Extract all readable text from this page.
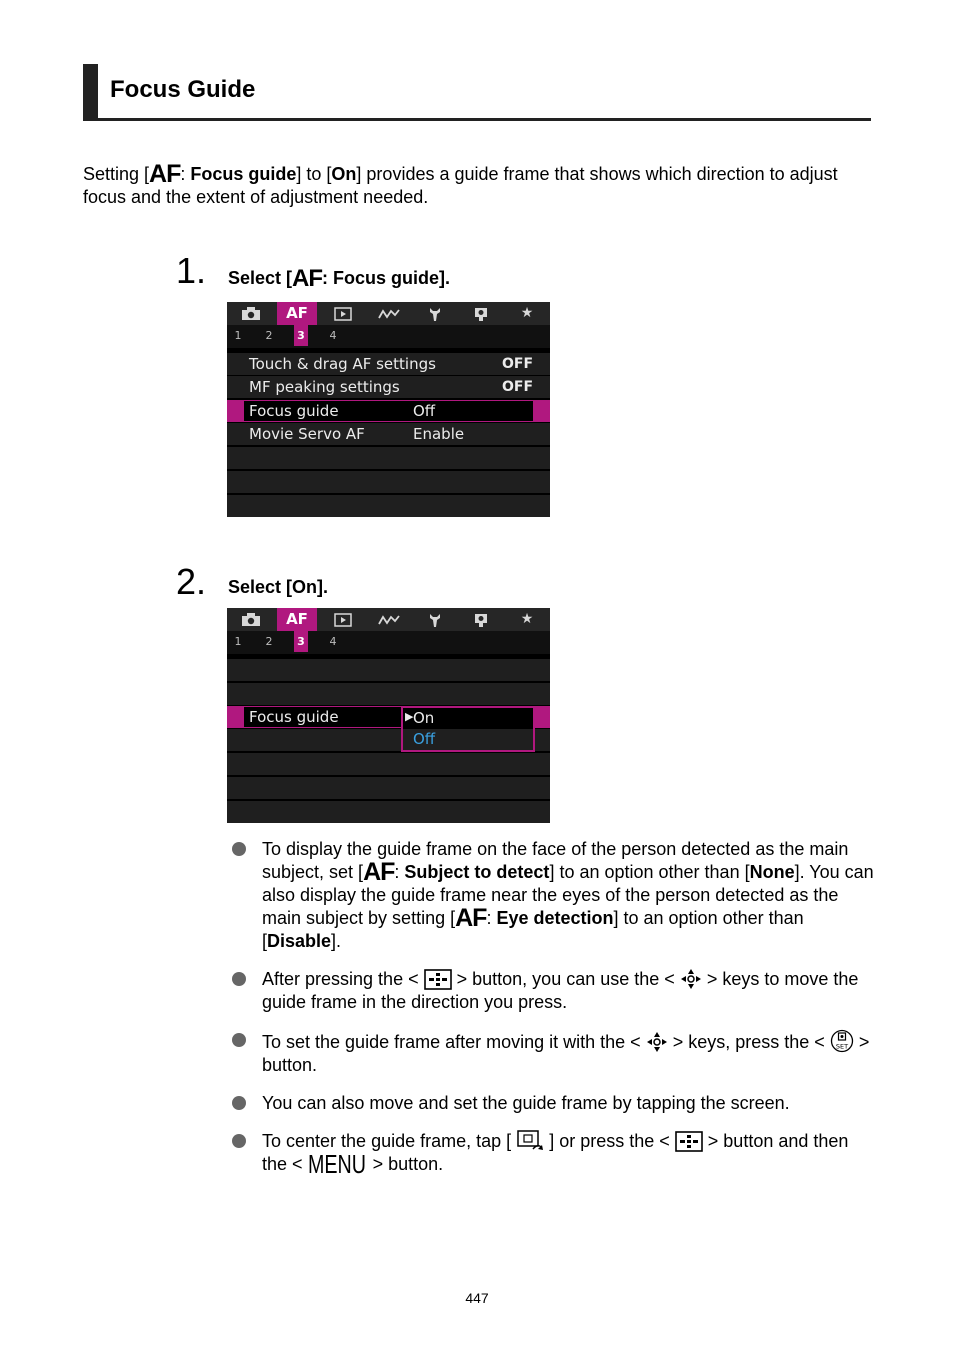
Focus Guide
Setting [AF: Focus guide] to [On] provides a guide frame that shows which direction to adjust focus and the extent of adjustment needed.
1. Select [AF: Focus guide].
AF	★
1	2	3	4
Touch & drag AF settings	OFF
MF peaking settings	OFF
Focus guide	Off
Movie Servo AF	Enable
2. Select [On].
AF	★
1	2	3	4
Focus guide	▶ On
Off
To display the guide frame on the face of the person detected as the main subject, set [AF: Subject to detect] to an option other than [None]. You can also display the guide frame near the eyes of the person detected as the main subject by setting [AF: Eye detection] to an option other than [Disable].
After pressing the < > button, you can use the < > keys to move the guide frame in the direction you press.
To set the guide frame after moving it with the < > keys, press the < SET > button.
You can also move and set the guide frame by tapping the screen.
To center the guide frame, tap [ ] or press the < > button and then the < MENU > button.
447
